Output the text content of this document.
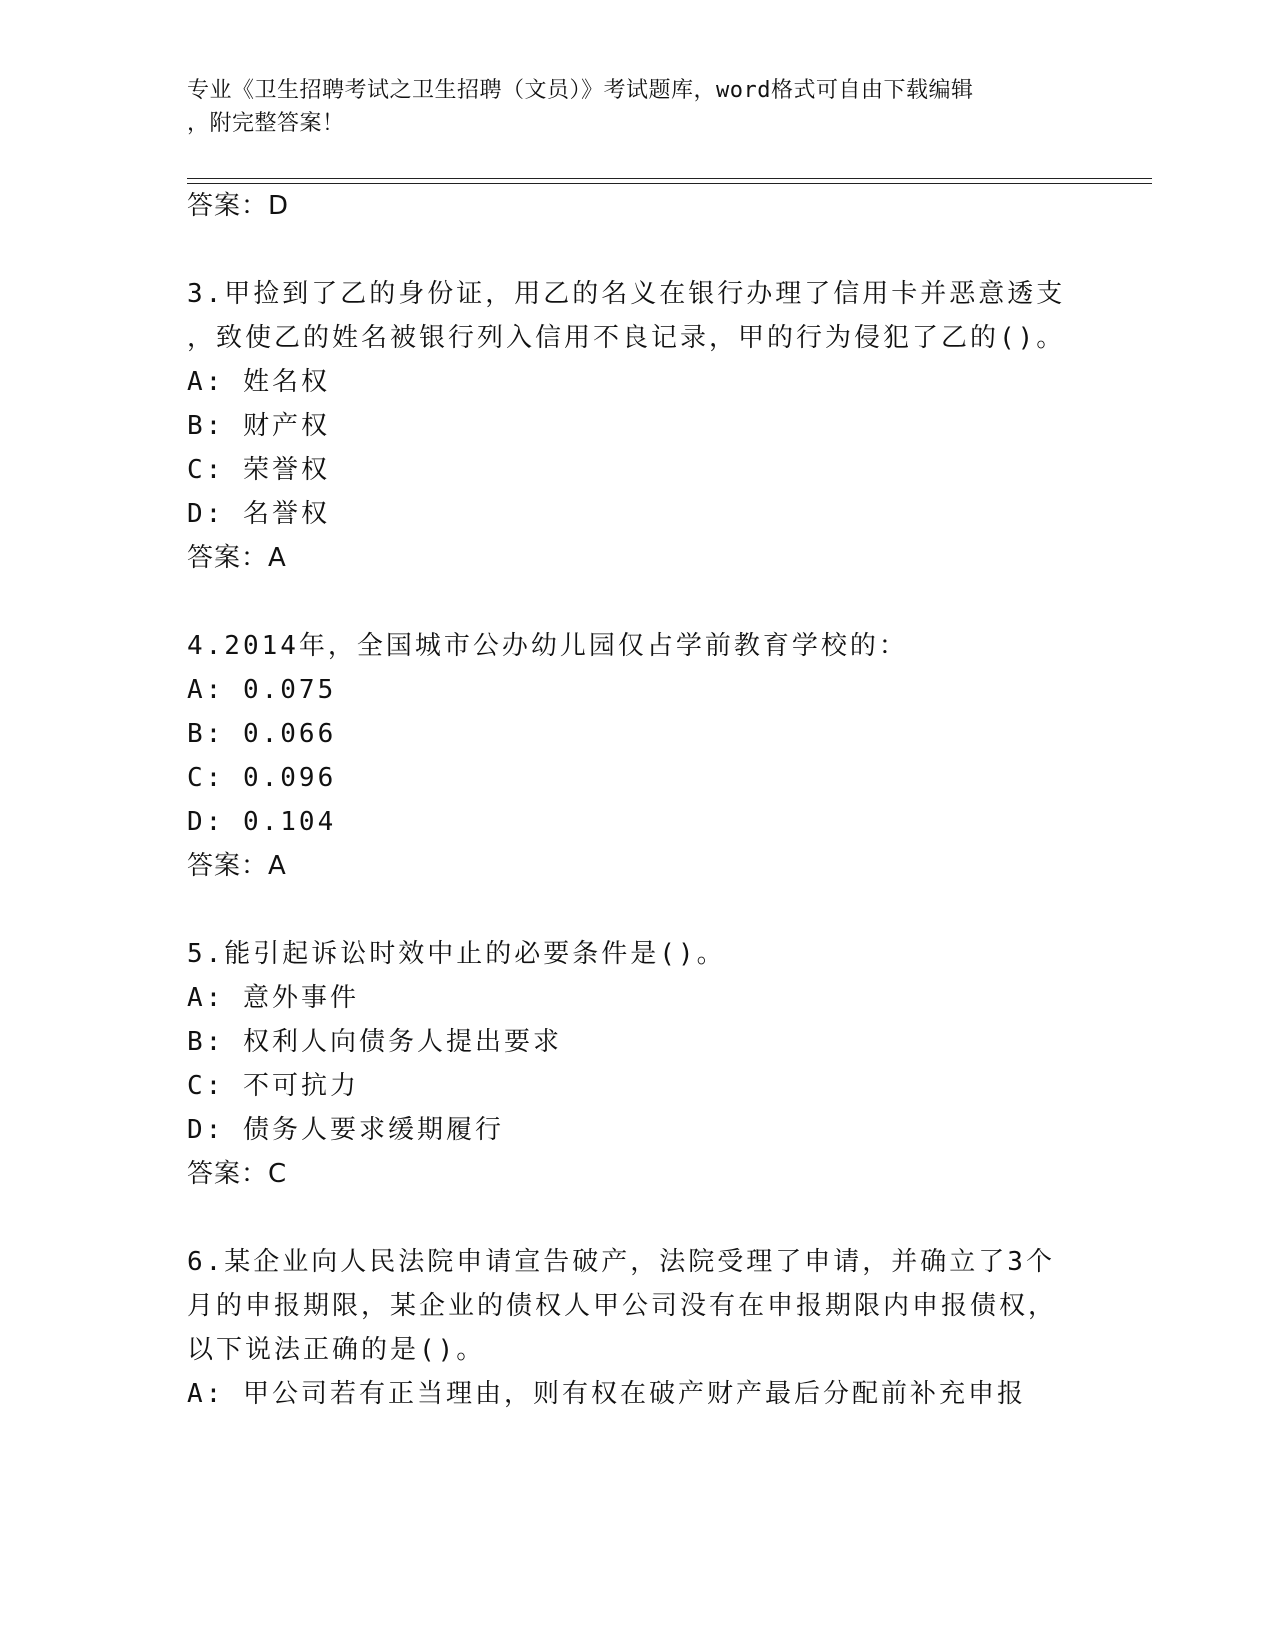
专业《卫生招聘考试之卫生招聘（文员）》考试题库，word格式可自由下载编辑
，附完整答案！
答案：D
3.甲捡到了乙的身份证，用乙的名义在银行办理了信用卡并恶意透支
，致使乙的姓名被银行列入信用不良记录，甲的行为侵犯了乙的()。
A: 姓名权
B: 财产权
C: 荣誉权
D: 名誉权
答案：A
4.2014年，全国城市公办幼儿园仅占学前教育学校的：
A: 0.075
B: 0.066
C: 0.096
D: 0.104
答案：A
5.能引起诉讼时效中止的必要条件是()。
A: 意外事件
B: 权利人向债务人提出要求
C: 不可抗力
D: 债务人要求缓期履行
答案：C
6.某企业向人民法院申请宣告破产，法院受理了申请，并确立了3个
月的申报期限，某企业的债权人甲公司没有在申报期限内申报债权，
以下说法正确的是()。
A: 甲公司若有正当理由，则有权在破产财产最后分配前补充申报
